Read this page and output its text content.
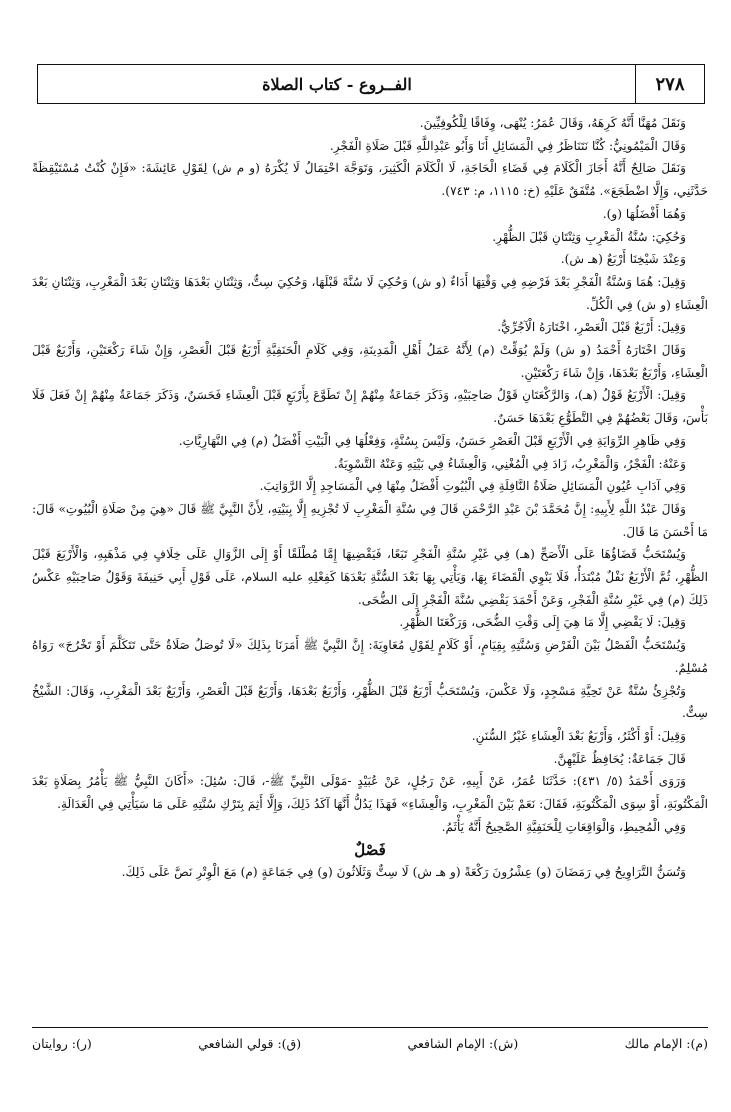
٢٧٨
الفــروع - كتاب الصلاة

وَنَقَلَ مُهَنَّا أَنَّهُ كَرِهَهُ، وَقَالَ عُمَرُ: يُنْهَى، وِفَاقًا لِلْكُوفِيِّينَ.

وَقَالَ الْمَيْمُونِيُّ: كُنَّا نَتَنَاظَرُ فِي الْمَسَائِلِ أَنَا وَأَبُو عَبْدِاللَّهِ قَبْلَ صَلَاةِ الْفَجْرِ.

وَنَقَلَ صَالِحٌ أَنَّهُ أَجَازَ الْكَلَامَ فِي قَضَاءِ الْحَاجَةِ، لَا الْكَلَامَ الْكَثِيرَ، وَتَوَجَّهَ احْتِمَالُ لَا يُكْرَهُ (و م ش) لِقَوْلِ عَائِشَةَ: «فَإِنْ كُنْتُ مُسْتَيْقِظَةً حَدَّثَنِي، وَإِلَّا اضْطَجَعَ». مُتَّفَقٌ عَلَيْهِ (خ: ١١١٥، م: ٧٤٣).

وَهُمَا أَفْضَلُهَا (و).

وَحُكِيَ: سُنَّةُ الْمَغْرِبِ وَثِنْتَانِ قَبْلَ الظُّهْرِ.

وَعِنْدَ شَيْخِنَا أَرْبَعٌ (هـ ش).

وَقِيلَ: هُمَا وَسُنَّةُ الْفَجْرِ بَعْدَ فَرْضِهِ فِي وَقْتِهَا أَدَاءٌ (و ش) وَحُكِيَ لَا سُنَّةَ قَبْلَهَا، وَحُكِيَ سِتٌّ، وَثِنْتَانِ بَعْدَهَا وَثِنْتَانِ بَعْدَ الْمَغْرِبِ، وَثِنْتَانِ بَعْدَ الْعِشَاءِ (و ش) فِي الْكُلِّ.

وَقِيلَ: أَرْبَعٌ قَبْلَ الْعَصْرِ، اخْتَارَهُ الْآجُرِّيُّ.

وَقَالَ اخْتَارَهُ أَحْمَدُ (و ش) وَلَمْ يُوَقِّتْ (م) لِأَنَّهُ عَمَلُ أَهْلِ الْمَدِينَةِ، وَفِي كَلَامِ الْحَنَفِيَّةِ أَرْبَعٌ قَبْلَ الْعَصْرِ، وَإِنْ شَاءَ رَكْعَتَيْنِ، وَأَرْبَعٌ قَبْلَ الْعِشَاءِ، وَأَرْبَعٌ بَعْدَهَا، وَإِنْ شَاءَ رَكْعَتَيْنِ.

وَقِيلَ: الْأَرْبَعُ قَوْلُ (هـ)، وَالرَّكْعَتَانِ قَوْلُ صَاحِبَيْهِ، وَذَكَرَ جَمَاعَةٌ مِنْهُمْ إِنْ تَطَوَّعَ بِأَرْبَعٍ قَبْلَ الْعِشَاءِ فَحَسَنٌ، وَذَكَرَ جَمَاعَةٌ مِنْهُمْ إِنْ فَعَلَ فَلَا بَأْسَ، وَقَالَ بَعْضُهُمْ فِي التَّطَوُّعِ بَعْدَهَا حَسَنٌ.

وَفِي ظَاهِرِ الرِّوَايَةِ فِي الْأَرْبَعِ قَبْلَ الْعَصْرِ حَسَنٌ، وَلَيْسَ بِسُنَّةٍ، وَفِعْلُهَا فِي الْبَيْتِ أَفْضَلُ (م) فِي النَّهَارِيَّاتِ.

وَعَنْهُ: الْفَجْرُ، وَالْمَغْرِبُ، زَادَ فِي الْمُغْنِي، وَالْعِشَاءُ فِي بَيْتِهِ وَعَنْهُ التَّسْوِيَةُ.

وَفِي آدَابِ عُيُونِ الْمَسَائِلِ صَلَاةُ النَّافِلَةِ فِي الْبُيُوتِ أَفْضَلُ مِنْهَا فِي الْمَسَاجِدِ إِلَّا الرَّوَاتِبَ.

وَقَالَ عَبْدُ اللَّهِ لِأَبِيهِ: إِنَّ مُحَمَّدَ بْنَ عَبْدِ الرَّحْمَنِ قَالَ فِي سُنَّةِ الْمَغْرِبِ لَا تُجْزِيهِ إِلَّا بِبَيْتِهِ، لِأَنَّ النَّبِيَّ ﷺ قَالَ «هِيَ مِنْ صَلَاةِ الْبُيُوتِ» قَالَ: مَا أَحْسَنَ مَا قَالَ.

وَيُسْتَحَبُّ قَضَاؤُهَا عَلَى الْأَصَحِّ (هـ) فِي غَيْرِ سُنَّةِ الْفَجْرِ تَبَعًا، فَيَقْضِيهَا إِمَّا مُطْلَقًا أَوْ إِلَى الزَّوَالِ عَلَى خِلَافٍ فِي مَذْهَبِهِ، وَالْأَرْبَعَ قَبْلَ الظُّهْرِ، ثُمَّ الْأَرْبَعُ نَفْلٌ مُبْتَدَأٌ، فَلَا يَنْوِي الْقَضَاءَ بِهَا، وَيَأْتِي بِهَا بَعْدَ السُّنَّةِ بَعْدَهَا كَفِعْلِهِ عليه السلام، عَلَى قَوْلِ أَبِي حَنِيفَةَ وَقَوْلُ صَاحِبَيْهِ عَكْسُ ذَلِكَ (م) فِي غَيْرِ سُنَّةِ الْفَجْرِ، وَعَنْ أَحْمَدَ يَقْضِي سُنَّةَ الْفَجْرِ إِلَى الضُّحَى.

وَقِيلَ: لَا يَقْضِي إِلَّا مَا هِيَ إِلَى وَقْتِ الضُّحَى، وَرَكْعَتَا الظُّهْرِ.

وَيُسْتَحَبُّ الْفَصْلُ بَيْنَ الْفَرْضِ وَسُنَّتِهِ بِقِيَامٍ، أَوْ كَلَامٍ لِقَوْلِ مُعَاوِيَةَ: إِنَّ النَّبِيَّ ﷺ أَمَرَنَا بِذَلِكَ «لَا تُوصَلُ صَلَاةٌ حَتَّى تَتَكَلَّمَ أَوْ تَخْرُجَ» رَوَاهُ مُسْلِمٌ.

وَتُجْزِئُ سُنَّةٌ عَنْ تَحِيَّةِ مَسْجِدٍ، وَلَا عَكْسَ، وَيُسْتَحَبُّ أَرْبَعٌ قَبْلَ الظُّهْرِ، وَأَرْبَعٌ بَعْدَهَا، وَأَرْبَعٌ قَبْلَ الْعَصْرِ، وَأَرْبَعٌ بَعْدَ الْمَغْرِبِ، وَقَالَ: الشَّيْخُ سِتٌّ.

وَقِيلَ: أَوْ أَكْثَرُ، وَأَرْبَعٌ بَعْدَ الْعِشَاءِ غَيْرُ السُّنَنِ.

قَالَ جَمَاعَةٌ: يُحَافِظُ عَلَيْهِنَّ.

وَرَوَى أَحْمَدُ (٥/ ٤٣١): حَدَّثَنَا عُمَرُ، عَنْ أَبِيهِ، عَنْ رَجُلٍ، عَنْ عُبَيْدٍ -مَوْلَى النَّبِيِّ ﷺ-، قَالَ: سُئِلَ: «أَكَانَ النَّبِيُّ ﷺ يَأْمُرُ بِصَلَاةٍ بَعْدَ الْمَكْتُوبَةِ، أَوْ سِوَى الْمَكْتُوبَةِ، فَقَالَ: نَعَمْ بَيْنَ الْمَغْرِبِ، وَالْعِشَاءِ» فَهَذَا يَدُلُّ أَنَّهَا آكَدُ ذَلِكَ، وَإِلَّا أَثِمَ بِتَرْكِ سُنَّتِهِ عَلَى مَا سَيَأْتِي فِي الْعَدَالَةِ.

وَفِي الْمُحِيطِ، وَالْوَاقِعَاتِ لِلْحَنَفِيَّةِ الصَّحِيحُ أَنَّهُ يَأْثَمُ.

فَصْلٌ

وَتُسَنُّ التَّرَاوِيحُ فِي رَمَضَانَ (و) عِشْرُونَ رَكْعَةً (و هـ ش) لَا سِتٌّ وَثَلَاثُونَ (و) فِي جَمَاعَةٍ (م) مَعَ الْوِتْرِ نَصَّ عَلَى ذَلِكَ.

(م): الإمام مالك
(ش): الإمام الشافعي
(ق): قولي الشافعي
(ر): روايتان
